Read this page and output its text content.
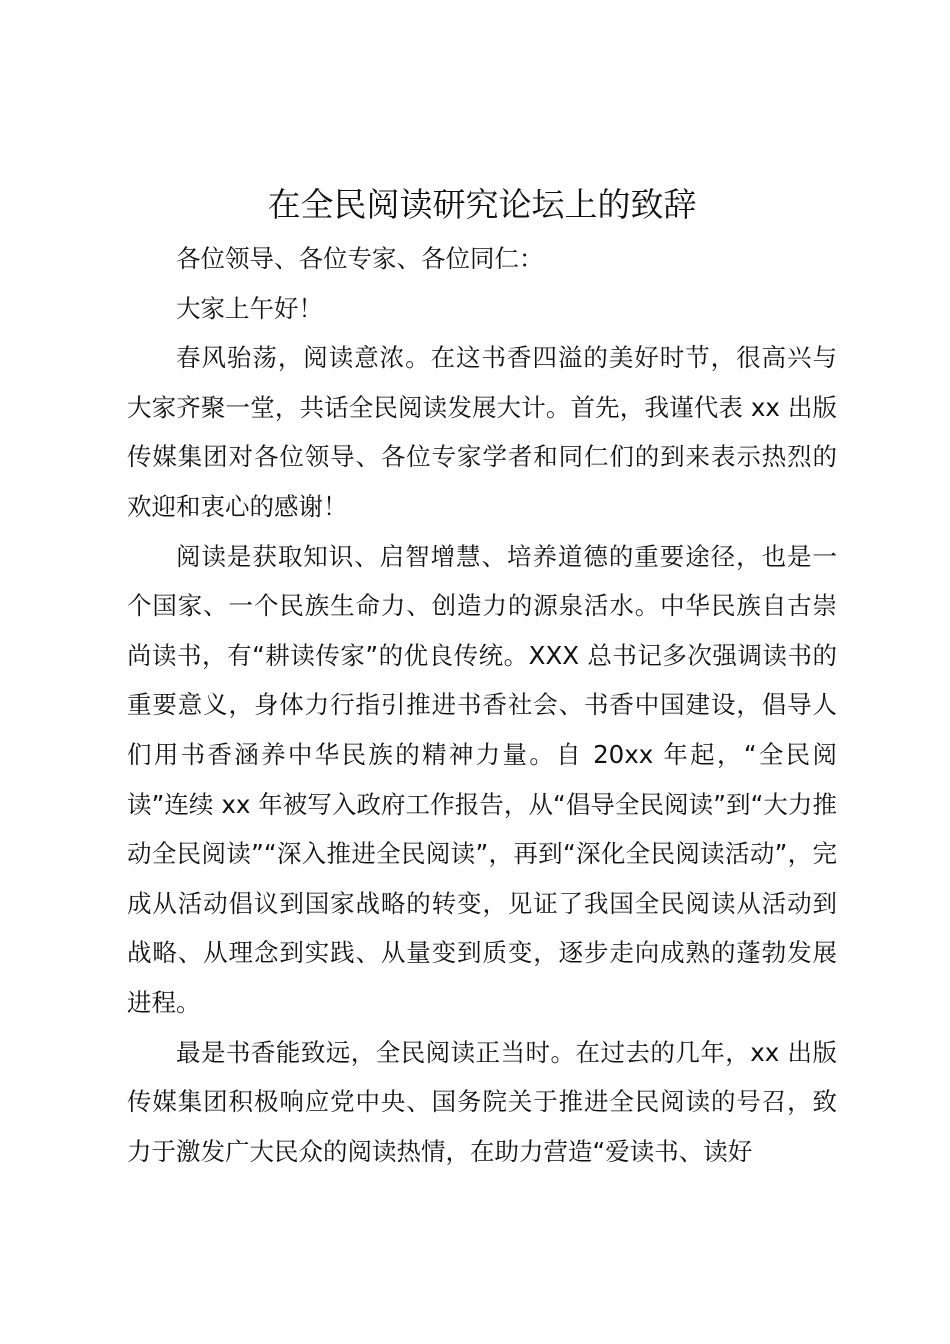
在全民阅读研究论坛上的致辞

各位领导、各位专家、各位同仁：

大家上午好！

春风骀荡，阅读意浓。在这书香四溢的美好时节，很高兴与大家齐聚一堂，共话全民阅读发展大计。首先，我谨代表 xx 出版传媒集团对各位领导、各位专家学者和同仁们的到来表示热烈的欢迎和衷心的感谢！

阅读是获取知识、启智增慧、培养道德的重要途径，也是一个国家、一个民族生命力、创造力的源泉活水。中华民族自古崇尚读书，有“耕读传家”的优良传统。XXX 总书记多次强调读书的重要意义，身体力行指引推进书香社会、书香中国建设，倡导人们用书香涵养中华民族的精神力量。自 20xx 年起，“全民阅读”连续 xx 年被写入政府工作报告，从“倡导全民阅读”到“大力推动全民阅读”“深入推进全民阅读”，再到“深化全民阅读活动”，完成从活动倡议到国家战略的转变，见证了我国全民阅读从活动到战略、从理念到实践、从量变到质变，逐步走向成熟的蓬勃发展进程。

最是书香能致远，全民阅读正当时。在过去的几年，xx 出版传媒集团积极响应党中央、国务院关于推进全民阅读的号召，致力于激发广大民众的阅读热情，在助力营造“爱读书、读好
